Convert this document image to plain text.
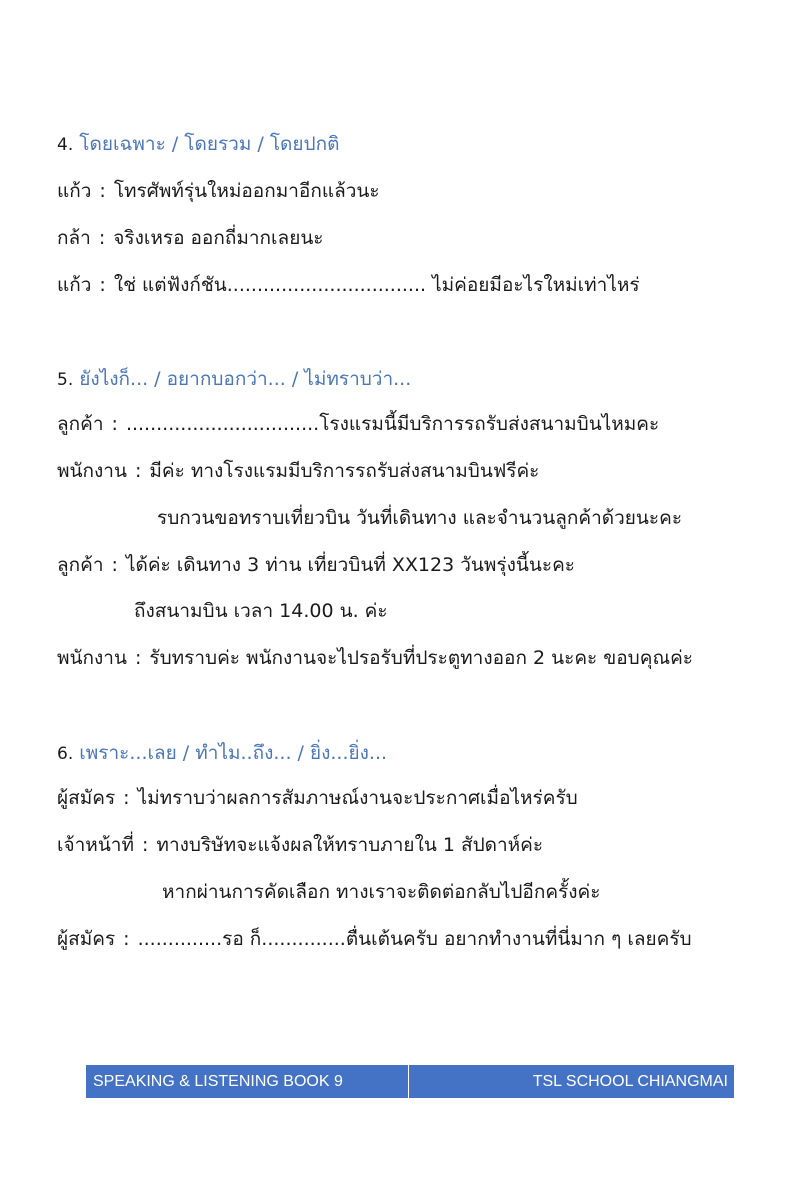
4. โดยเฉพาะ / โดยรวม / โดยปกติ
แก้ว : โทรศัพท์รุ่นใหม่ออกมาอีกแล้วนะ
กล้า : จริงเหรอ ออกถี่มากเลยนะ
แก้ว : ใช่ แต่ฟังก์ชัน................................. ไม่ค่อยมีอะไรใหม่เท่าไหร่
5. ยังไงก็... / อยากบอกว่า... / ไม่ทราบว่า...
ลูกค้า : ................................โรงแรมนี้มีบริการรถรับส่งสนามบินไหมคะ
พนักงาน : มีค่ะ ทางโรงแรมมีบริการรถรับส่งสนามบินฟรีค่ะ
รบกวนขอทราบเที่ยวบิน วันที่เดินทาง และจำนวนลูกค้าด้วยนะคะ
ลูกค้า : ได้ค่ะ เดินทาง 3 ท่าน เที่ยวบินที่ XX123 วันพรุ่งนี้นะคะ
ถึงสนามบิน เวลา 14.00 น. ค่ะ
พนักงาน : รับทราบค่ะ พนักงานจะไปรอรับที่ประตูทางออก 2 นะคะ ขอบคุณค่ะ
6. เพราะ...เลย / ทำไม..ถึง... / ยิ่ง...ยิ่ง...
ผู้สมัคร : ไม่ทราบว่าผลการสัมภาษณ์งานจะประกาศเมื่อไหร่ครับ
เจ้าหน้าที่ : ทางบริษัทจะแจ้งผลให้ทราบภายใน 1 สัปดาห์ค่ะ
หากผ่านการคัดเลือก ทางเราจะติดต่อกลับไปอีกครั้งค่ะ
ผู้สมัคร : ..............รอ ก็..............ตื่นเต้นครับ อยากทำงานที่นี่มาก ๆ เลยครับ
SPEAKING & LISTENING BOOK 9	TSL SCHOOL CHIANGMAI
